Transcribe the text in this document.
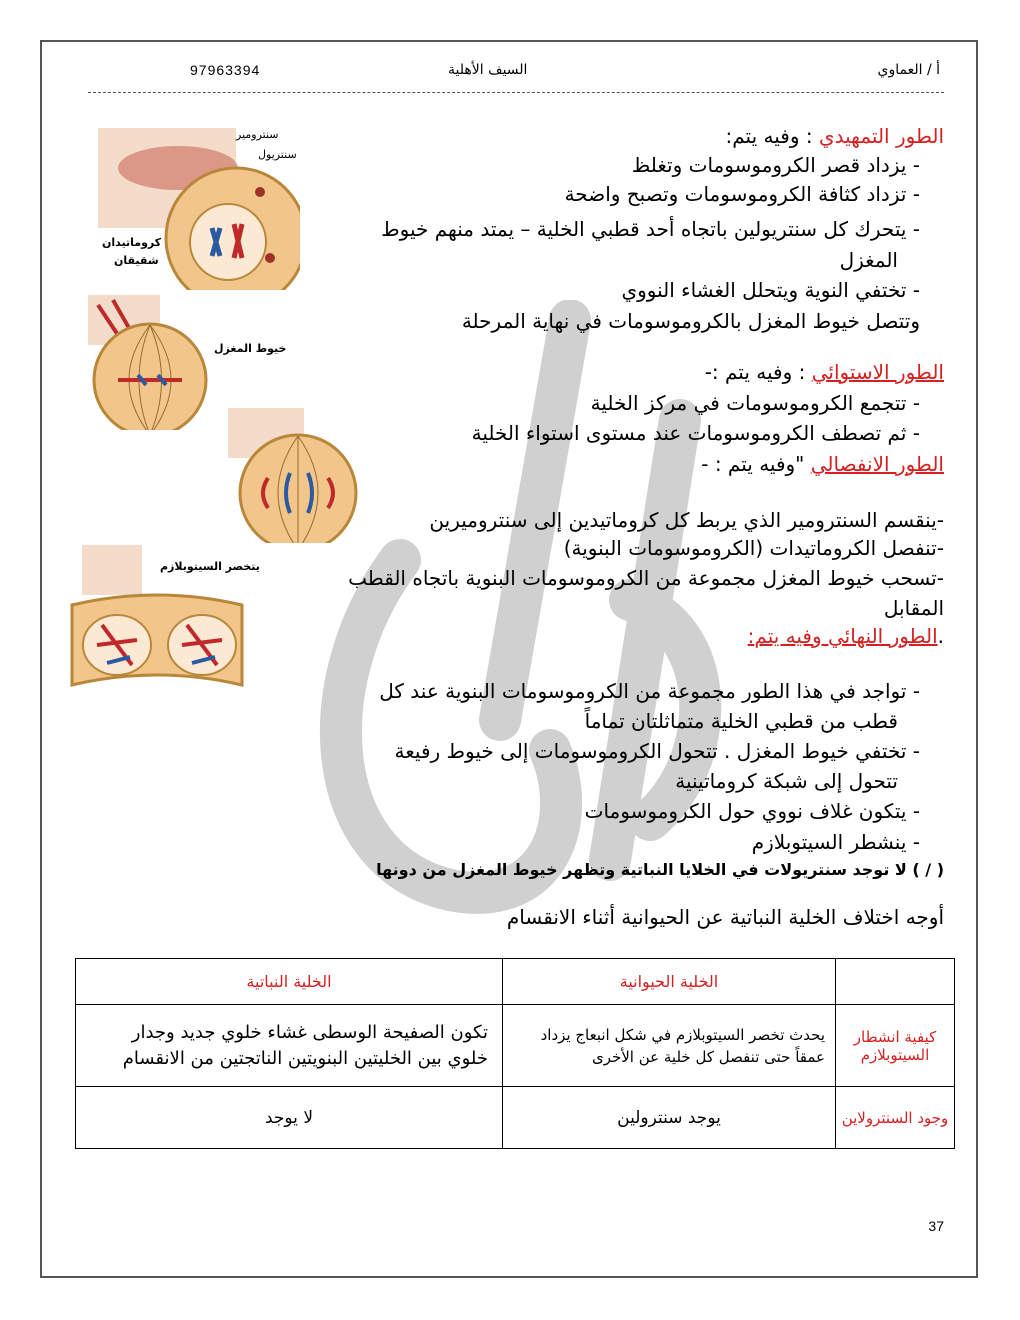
97963394	السيف الأهلية	أ / العماوي
سنترومير
سنتريول
كروماتيدان
شقيقان
خيوط المغزل
يتخصر السيتوبلازم
الطور التمهيدي : وفيه يتم:
- يزداد قصر الكروموسومات وتغلظ
- تزداد كثافة الكروموسومات وتصبح واضحة
- يتحرك كل سنتريولين باتجاه أحد قطبي الخلية – يمتد منهم خيوط
المغزل
- تختفي النوية ويتحلل الغشاء النووي
وتتصل خيوط المغزل بالكروموسومات في نهاية المرحلة
الطور الاستوائي : وفيه يتم :-
- تتجمع الكروموسومات في مركز الخلية
- ثم تصطف الكروموسومات عند مستوى استواء الخلية
الطور الانفصالي "وفيه يتم : -
-ينقسم السنترومير الذي يربط كل كروماتيدين إلى سنتروميرين
-تنفصل الكروماتيدات (الكروموسومات البنوية)
-تسحب خيوط المغزل مجموعة من الكروموسومات البنوية باتجاه القطب
المقابل
.الطور النهائي وفيه يتم:
- تواجد في هذا الطور مجموعة من الكروموسومات البنوية عند كل
قطب من قطبي الخلية متماثلتان تماماً
- تختفي خيوط المغزل . تتحول الكروموسومات إلى خيوط رفيعة
تتحول إلى شبكة كروماتينية
- يتكون غلاف نووي حول الكروموسومات
- ينشطر السيتوبلازم
( / ) لا توجد سنتريولات في الخلايا النباتية وتظهر خيوط المغزل من دونها
أوجه اختلاف الخلية النباتية عن الحيوانية أثناء الانقسام
	الخلية الحيوانية	الخلية النباتية
كيفية انشطار السيتوبلازم	يحدث تخصر السيتوبلازم في شكل انبعاج يزداد عمقاً حتى تنفصل كل خلية عن الأخرى	تكون الصفيحة الوسطى غشاء خلوي جديد وجدار خلوي بين الخليتين البنويتين الناتجتين من الانقسام
وجود السنترولاين	يوجد سنترولين	لا يوجد
37
